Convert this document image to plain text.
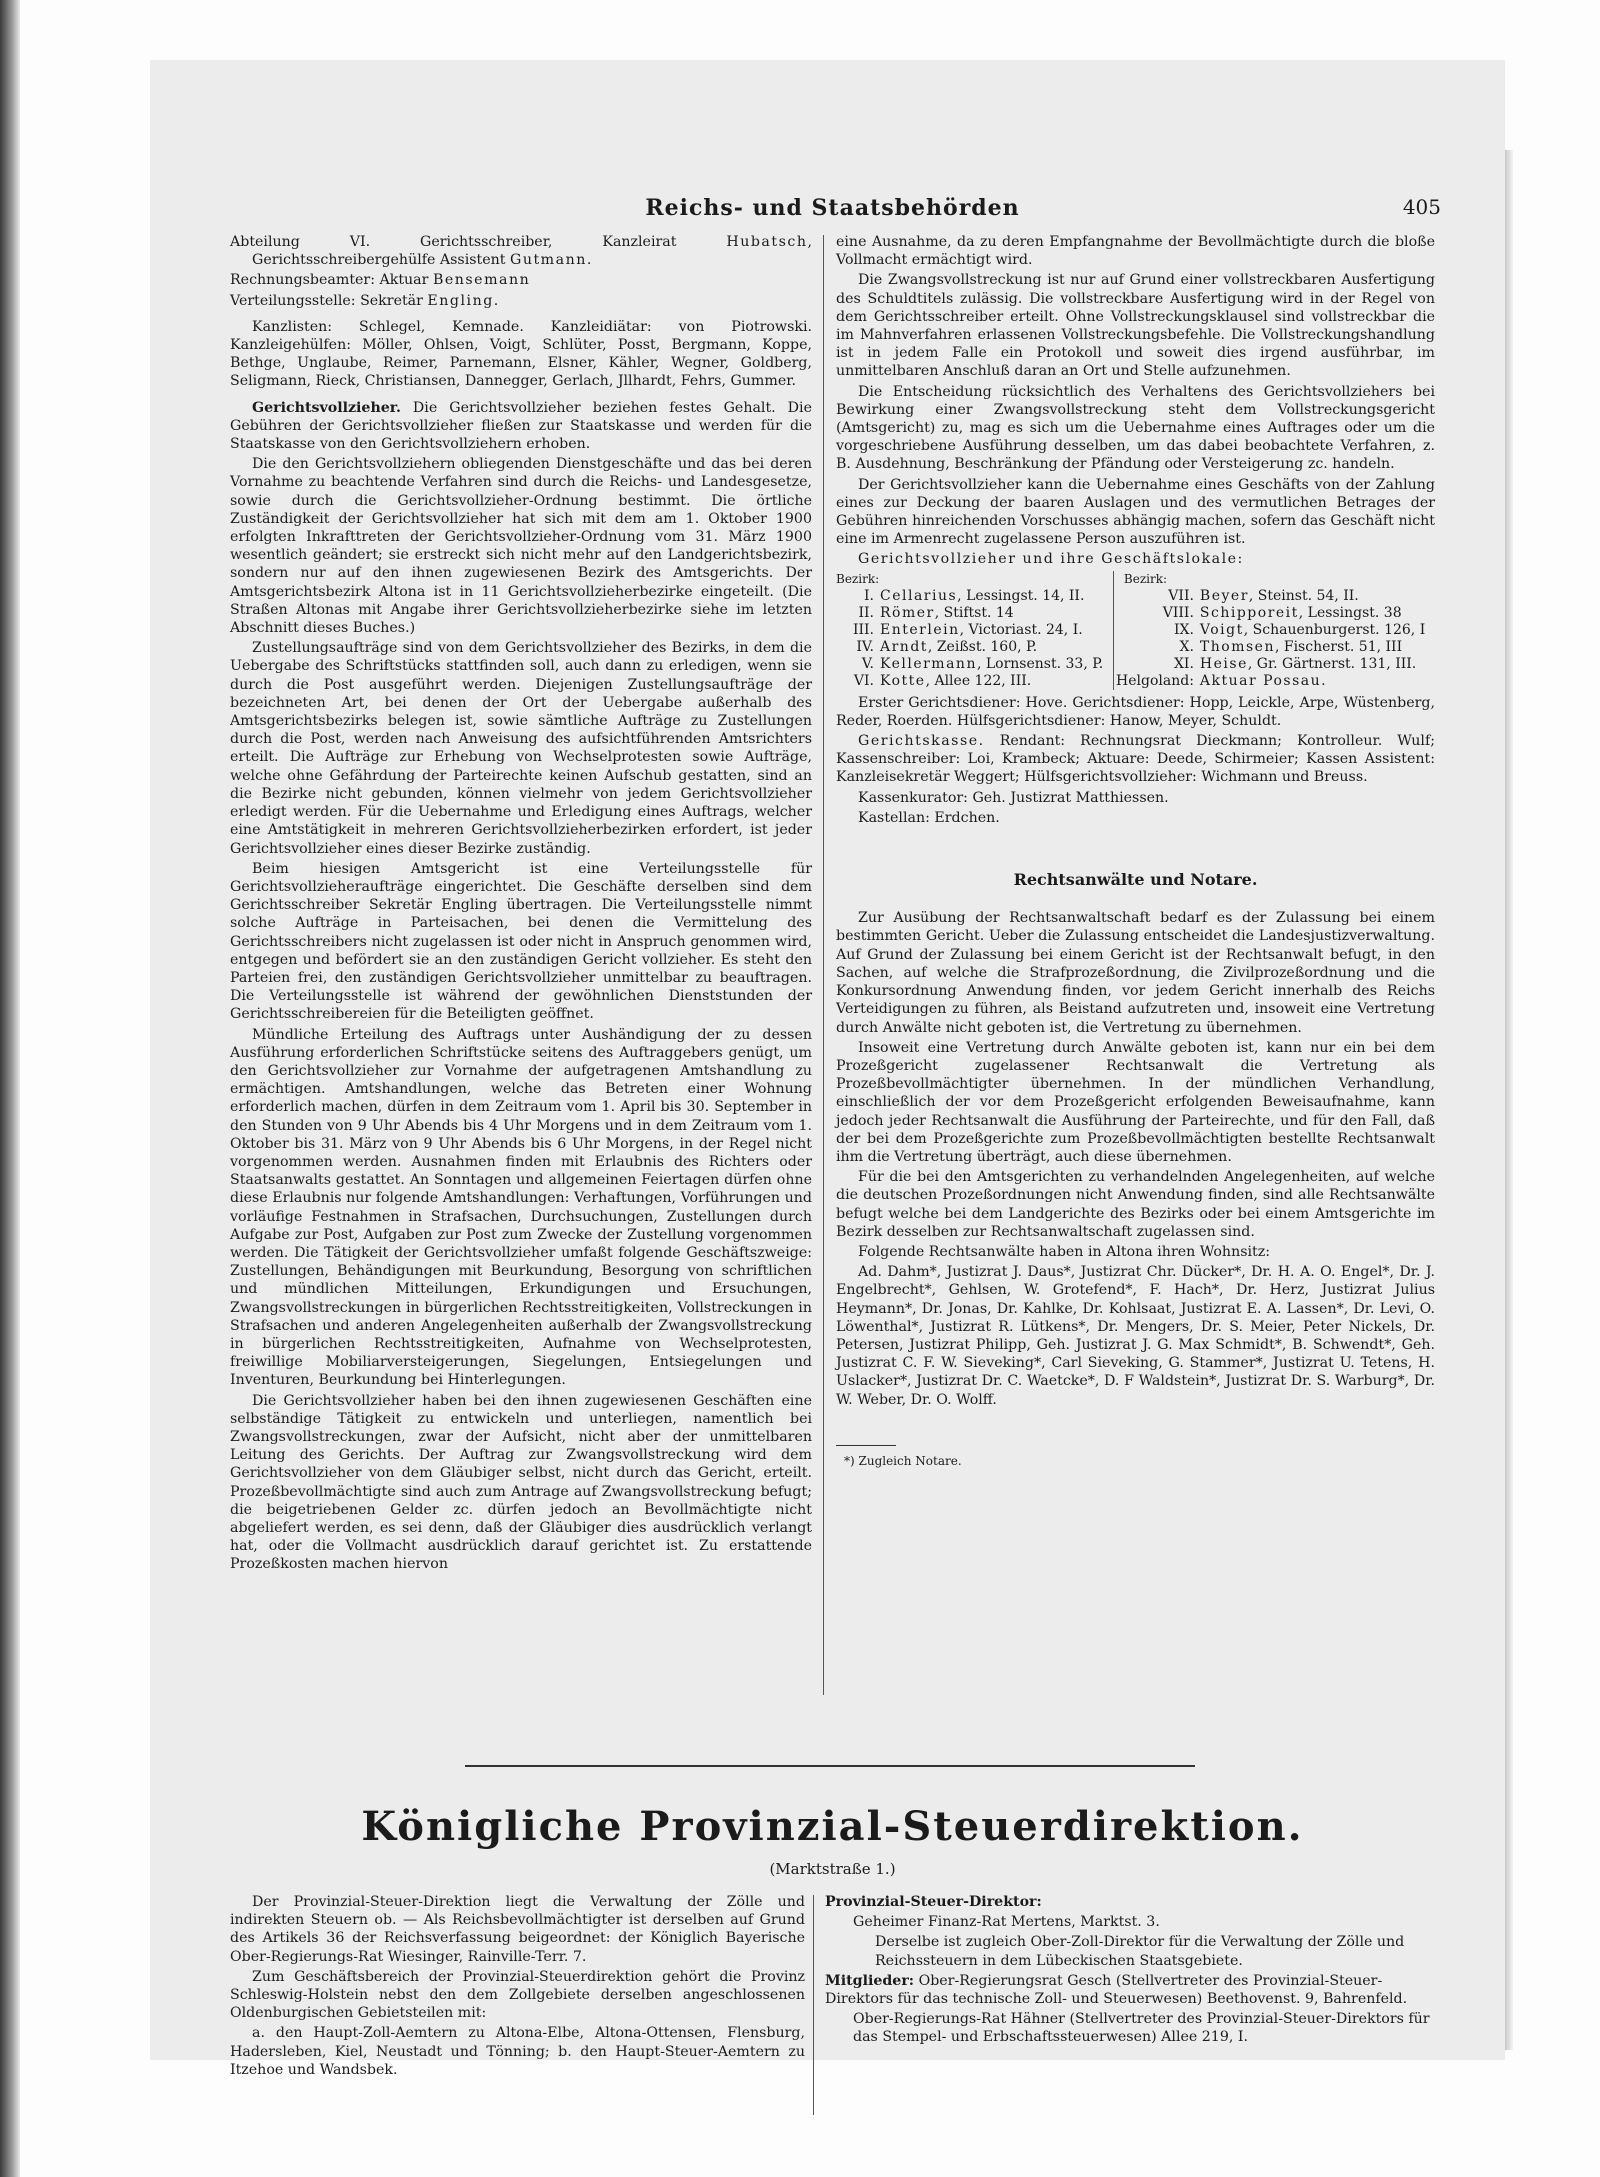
Reichs- und Staatsbehörden	405
Abteilung VI. Gerichtsschreiber, Kanzleirat Hubatsch, Gerichtsschreibergehülfe Assistent Gutmann.
Rechnungsbeamter: Aktuar Bensemann
Verteilungsstelle: Sekretär Engling.
Kanzlisten: Schlegel, Kemnade. Kanzleidiätar: von Piotrowski. Kanzleigehülfen: Möller, Ohlsen, Voigt, Schlüter, Posst, Bergmann, Koppe, Bethge, Unglaube, Reimer, Parnemann, Elsner, Kähler, Wegner, Goldberg, Seligmann, Rieck, Christiansen, Dannegger, Gerlach, Jllhardt, Fehrs, Gummer.
Gerichtsvollzieher. Die Gerichtsvollzieher beziehen festes Gehalt. Die Gebühren der Gerichtsvollzieher fließen zur Staatskasse und werden für die Staatskasse von den Gerichtsvollziehern erhoben.
Die den Gerichtsvollziehern obliegenden Dienstgeschäfte und das bei deren Vornahme zu beachtende Verfahren sind durch die Reichs- und Landesgesetze, sowie durch die Gerichtsvollzieher-Ordnung bestimmt. Die örtliche Zuständigkeit der Gerichtsvollzieher hat sich mit dem am 1. Oktober 1900 erfolgten Inkrafttreten der Gerichtsvollzieher-Ordnung vom 31. März 1900 wesentlich geändert; sie erstreckt sich nicht mehr auf den Landgerichtsbezirk, sondern nur auf den ihnen zugewiesenen Bezirk des Amtsgerichts. Der Amtsgerichtsbezirk Altona ist in 11 Gerichtsvollzieherbezirke eingeteilt. (Die Straßen Altonas mit Angabe ihrer Gerichtsvollzieherbezirke siehe im letzten Abschnitt dieses Buches.)
Zustellungsaufträge sind von dem Gerichtsvollzieher des Bezirks, in dem die Uebergabe des Schriftstücks stattfinden soll, auch dann zu erledigen, wenn sie durch die Post ausgeführt werden. Diejenigen Zustellungsaufträge der bezeichneten Art, bei denen der Ort der Uebergabe außerhalb des Amtsgerichtsbezirks belegen ist, sowie sämtliche Aufträge zu Zustellungen durch die Post, werden nach Anweisung des aufsichtführenden Amtsrichters erteilt. Die Aufträge zur Erhebung von Wechselprotesten sowie Aufträge, welche ohne Gefährdung der Parteirechte keinen Aufschub gestatten, sind an die Bezirke nicht gebunden, können vielmehr von jedem Gerichtsvollzieher erledigt werden. Für die Uebernahme und Erledigung eines Auftrags, welcher eine Amtstätigkeit in mehreren Gerichtsvollzieherbezirken erfordert, ist jeder Gerichtsvollzieher eines dieser Bezirke zuständig.
Beim hiesigen Amtsgericht ist eine Verteilungsstelle für Gerichtsvollzieheraufträge eingerichtet. Die Geschäfte derselben sind dem Gerichtsschreiber Sekretär Engling übertragen. Die Verteilungsstelle nimmt solche Aufträge in Parteisachen, bei denen die Vermittelung des Gerichtsschreibers nicht zugelassen ist oder nicht in Anspruch genommen wird, entgegen und befördert sie an den zuständigen Gericht vollzieher. Es steht den Parteien frei, den zuständigen Gerichtsvollzieher unmittelbar zu beauftragen. Die Verteilungsstelle ist während der gewöhnlichen Dienststunden der Gerichtsschreibereien für die Beteiligten geöffnet.
Mündliche Erteilung des Auftrags unter Aushändigung der zu dessen Ausführung erforderlichen Schriftstücke seitens des Auftraggebers genügt, um den Gerichtsvollzieher zur Vornahme der aufgetragenen Amtshandlung zu ermächtigen. Amtshandlungen, welche das Betreten einer Wohnung erforderlich machen, dürfen in dem Zeitraum vom 1. April bis 30. September in den Stunden von 9 Uhr Abends bis 4 Uhr Morgens und in dem Zeitraum vom 1. Oktober bis 31. März von 9 Uhr Abends bis 6 Uhr Morgens, in der Regel nicht vorgenommen werden. Ausnahmen finden mit Erlaubnis des Richters oder Staatsanwalts gestattet. An Sonntagen und allgemeinen Feiertagen dürfen ohne diese Erlaubnis nur folgende Amtshandlungen: Verhaftungen, Vorführungen und vorläufige Festnahmen in Strafsachen, Durchsuchungen, Zustellungen durch Aufgabe zur Post, Aufgaben zur Post zum Zwecke der Zustellung vorgenommen werden. Die Tätigkeit der Gerichtsvollzieher umfaßt folgende Geschäftszweige: Zustellungen, Behändigungen mit Beurkundung, Besorgung von schriftlichen und mündlichen Mitteilungen, Erkundigungen und Ersuchungen, Zwangsvollstreckungen in bürgerlichen Rechtsstreitigkeiten, Vollstreckungen in Strafsachen und anderen Angelegenheiten außerhalb der Zwangsvollstreckung in bürgerlichen Rechtsstreitigkeiten, Aufnahme von Wechselprotesten, freiwillige Mobiliarversteigerungen, Siegelungen, Entsiegelungen und Inventuren, Beurkundung bei Hinterlegungen.
Die Gerichtsvollzieher haben bei den ihnen zugewiesenen Geschäften eine selbständige Tätigkeit zu entwickeln und unterliegen, namentlich bei Zwangsvollstreckungen, zwar der Aufsicht, nicht aber der unmittelbaren Leitung des Gerichts. Der Auftrag zur Zwangsvollstreckung wird dem Gerichtsvollzieher von dem Gläubiger selbst, nicht durch das Gericht, erteilt. Prozeßbevollmächtigte sind auch zum Antrage auf Zwangsvollstreckung befugt; die beigetriebenen Gelder zc. dürfen jedoch an Bevollmächtigte nicht abgeliefert werden, es sei denn, daß der Gläubiger dies ausdrücklich verlangt hat, oder die Vollmacht ausdrücklich darauf gerichtet ist. Zu erstattende Prozeßkosten machen hiervon
eine Ausnahme, da zu deren Empfangnahme der Bevollmächtigte durch die bloße Vollmacht ermächtigt wird.
Die Zwangsvollstreckung ist nur auf Grund einer vollstreckbaren Ausfertigung des Schuldtitels zulässig. Die vollstreckbare Ausfertigung wird in der Regel von dem Gerichtsschreiber erteilt. Ohne Vollstreckungsklausel sind vollstreckbar die im Mahnverfahren erlassenen Vollstreckungsbefehle. Die Vollstreckungshandlung ist in jedem Falle ein Protokoll und soweit dies irgend ausführbar, im unmittelbaren Anschluß daran an Ort und Stelle aufzunehmen.
Die Entscheidung rücksichtlich des Verhaltens des Gerichtsvollziehers bei Bewirkung einer Zwangsvollstreckung steht dem Vollstreckungsgericht (Amtsgericht) zu, mag es sich um die Uebernahme eines Auftrages oder um die vorgeschriebene Ausführung desselben, um das dabei beobachtete Verfahren, z. B. Ausdehnung, Beschränkung der Pfändung oder Versteigerung zc. handeln.
Der Gerichtsvollzieher kann die Uebernahme eines Geschäfts von der Zahlung eines zur Deckung der baaren Auslagen und des vermutlichen Betrages der Gebühren hinreichenden Vorschusses abhängig machen, sofern das Geschäft nicht eine im Armenrecht zugelassene Person auszuführen ist.
Gerichtsvollzieher und ihre Geschäftslokale:
Bezirk:		Bezirk:	
I.	Cellarius, Lessingst. 14, II.	VII.	Beyer, Steinst. 54, II.
II.	Römer, Stiftst. 14	VIII.	Schipporeit, Lessingst. 38
III.	Enterlein, Victoriast. 24, I.	IX.	Voigt, Schauenburgerst. 126, I
IV.	Arndt, Zeißst. 160, P.	X.	Thomsen, Fischerst. 51, III
V.	Kellermann, Lornsenst. 33, P.	XI.	Heise, Gr. Gärtnerst. 131, III.
VI.	Kotte, Allee 122, III.	Helgoland:	Aktuar Possau.
Erster Gerichtsdiener: Hove. Gerichtsdiener: Hopp, Leickle, Arpe, Wüstenberg, Reder, Roerden. Hülfsgerichtsdiener: Hanow, Meyer, Schuldt.
Gerichtskasse. Rendant: Rechnungsrat Dieckmann; Kontrolleur. Wulf; Kassenschreiber: Loi, Krambeck; Aktuare: Deede, Schirmeier; Kassen Assistent: Kanzleisekretär Weggert; Hülfsgerichtsvollzieher: Wichmann und Breuss.
Kassenkurator: Geh. Justizrat Matthiessen.
Kastellan: Erdchen.
Rechtsanwälte und Notare.
Zur Ausübung der Rechtsanwaltschaft bedarf es der Zulassung bei einem bestimmten Gericht. Ueber die Zulassung entscheidet die Landesjustizverwaltung. Auf Grund der Zulassung bei einem Gericht ist der Rechtsanwalt befugt, in den Sachen, auf welche die Strafprozeßordnung, die Zivilprozeßordnung und die Konkursordnung Anwendung finden, vor jedem Gericht innerhalb des Reichs Verteidigungen zu führen, als Beistand aufzutreten und, insoweit eine Vertretung durch Anwälte nicht geboten ist, die Vertretung zu übernehmen.
Insoweit eine Vertretung durch Anwälte geboten ist, kann nur ein bei dem Prozeßgericht zugelassener Rechtsanwalt die Vertretung als Prozeßbevollmächtigter übernehmen. In der mündlichen Verhandlung, einschließlich der vor dem Prozeßgericht erfolgenden Beweisaufnahme, kann jedoch jeder Rechtsanwalt die Ausführung der Parteirechte, und für den Fall, daß der bei dem Prozeßgerichte zum Prozeßbevollmächtigten bestellte Rechtsanwalt ihm die Vertretung überträgt, auch diese übernehmen.
Für die bei den Amtsgerichten zu verhandelnden Angelegenheiten, auf welche die deutschen Prozeßordnungen nicht Anwendung finden, sind alle Rechtsanwälte befugt welche bei dem Landgerichte des Bezirks oder bei einem Amtsgerichte im Bezirk desselben zur Rechtsanwaltschaft zugelassen sind.
Folgende Rechtsanwälte haben in Altona ihren Wohnsitz:
Ad. Dahm*, Justizrat J. Daus*, Justizrat Chr. Dücker*, Dr. H. A. O. Engel*, Dr. J. Engelbrecht*, Gehlsen, W. Grotefend*, F. Hach*, Dr. Herz, Justizrat Julius Heymann*, Dr. Jonas, Dr. Kahlke, Dr. Kohlsaat, Justizrat E. A. Lassen*, Dr. Levi, O. Löwenthal*, Justizrat R. Lütkens*, Dr. Mengers, Dr. S. Meier, Peter Nickels, Dr. Petersen, Justizrat Philipp, Geh. Justizrat J. G. Max Schmidt*, B. Schwendt*, Geh. Justizrat C. F. W. Sieveking*, Carl Sieveking, G. Stammer*, Justizrat U. Tetens, H. Uslacker*, Justizrat Dr. C. Waetcke*, D. F Waldstein*, Justizrat Dr. S. Warburg*, Dr. W. Weber, Dr. O. Wolff.
*) Zugleich Notare.
Königliche Provinzial-Steuerdirektion.
(Marktstraße 1.)
Der Provinzial-Steuer-Direktion liegt die Verwaltung der Zölle und indirekten Steuern ob. — Als Reichsbevollmächtigter ist derselben auf Grund des Artikels 36 der Reichsverfassung beigeordnet: der Königlich Bayerische Ober-Regierungs-Rat Wiesinger, Rainville-Terr. 7.
Zum Geschäftsbereich der Provinzial-Steuerdirektion gehört die Provinz Schleswig-Holstein nebst den dem Zollgebiete derselben angeschlossenen Oldenburgischen Gebietsteilen mit:
a. den Haupt-Zoll-Aemtern zu Altona-Elbe, Altona-Ottensen, Flensburg, Hadersleben, Kiel, Neustadt und Tönning; b. den Haupt-Steuer-Aemtern zu Itzehoe und Wandsbek.
Provinzial-Steuer-Direktor:
Geheimer Finanz-Rat Mertens, Marktst. 3.
Derselbe ist zugleich Ober-Zoll-Direktor für die Verwaltung der Zölle und Reichssteuern in dem Lübeckischen Staatsgebiete.
Mitglieder: Ober-Regierungsrat Gesch (Stellvertreter des Provinzial-Steuer-Direktors für das technische Zoll- und Steuerwesen) Beethovenst. 9, Bahrenfeld.
Ober-Regierungs-Rat Hähner (Stellvertreter des Provinzial-Steuer-Direktors für das Stempel- und Erbschaftssteuerwesen) Allee 219, I.
